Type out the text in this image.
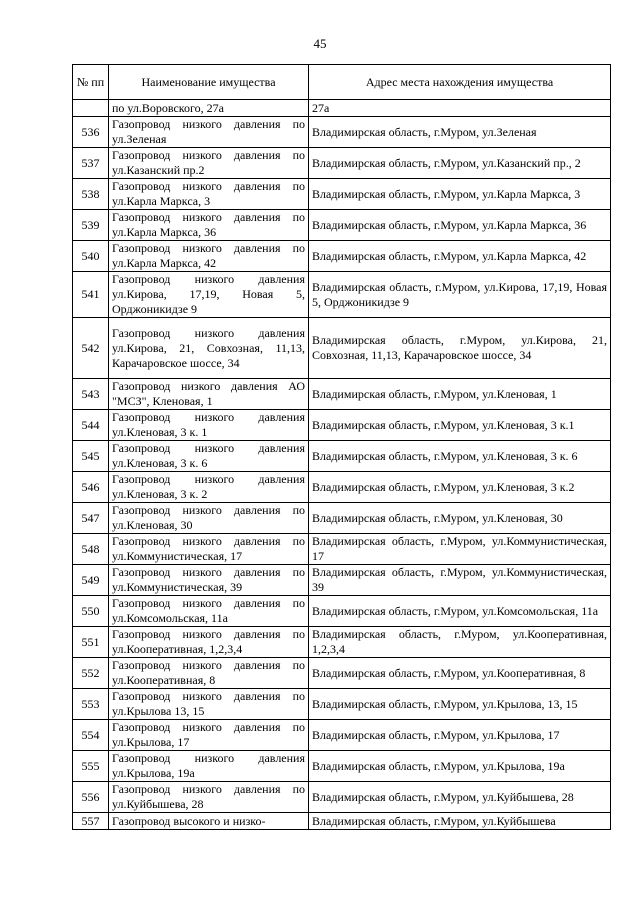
45
№ пп	Наименование имущества	Адрес места нахождения имущества
	по ул.Воровского, 27а	27а
536	Газопровод низкого давления по ул.Зеленая	Владимирская область, г.Муром, ул.Зеленая
537	Газопровод низкого давления по ул.Казанский пр.2	Владимирская область, г.Муром, ул.Казанский пр., 2
538	Газопровод низкого давления по ул.Карла Маркса, 3	Владимирская область, г.Муром, ул.Карла Маркса, 3
539	Газопровод низкого давления по ул.Карла Маркса, 36	Владимирская область, г.Муром, ул.Карла Маркса, 36
540	Газопровод низкого давления по ул.Карла Маркса, 42	Владимирская область, г.Муром, ул.Карла Маркса, 42
541	Газопровод низкого давления ул.Кирова, 17,19, Новая 5, Орджоникидзе 9	Владимирская область, г.Муром, ул.Кирова, 17,19, Новая 5, Орджоникидзе 9
542	Газопровод низкого давления ул.Кирова, 21, Совхозная, 11,13, Карачаровское шоссе, 34	Владимирская область, г.Муром, ул.Кирова, 21, Совхозная, 11,13, Карачаровское шоссе, 34
543	Газопровод низкого давления АО "МСЗ", Кленовая, 1	Владимирская область, г.Муром, ул.Кленовая, 1
544	Газопровод низкого давления ул.Кленовая, 3 к. 1	Владимирская область, г.Муром, ул.Кленовая, 3 к.1
545	Газопровод низкого давления ул.Кленовая, 3 к. 6	Владимирская область, г.Муром, ул.Кленовая, 3 к. 6
546	Газопровод низкого давления ул.Кленовая, 3 к. 2	Владимирская область, г.Муром, ул.Кленовая, 3 к.2
547	Газопровод низкого давления по ул.Кленовая, 30	Владимирская область, г.Муром, ул.Кленовая, 30
548	Газопровод низкого давления по ул.Коммунистическая, 17	Владимирская область, г.Муром, ул.Коммунистическая, 17
549	Газопровод низкого давления по ул.Коммунистическая, 39	Владимирская область, г.Муром, ул.Коммунистическая, 39
550	Газопровод низкого давления по ул.Комсомольская, 11а	Владимирская область, г.Муром, ул.Комсомольская, 11а
551	Газопровод низкого давления по ул.Кооперативная, 1,2,3,4	Владимирская область, г.Муром, ул.Кооперативная, 1,2,3,4
552	Газопровод низкого давления по ул.Кооперативная, 8	Владимирская область, г.Муром, ул.Кооперативная, 8
553	Газопровод низкого давления по ул.Крылова 13, 15	Владимирская область, г.Муром, ул.Крылова, 13, 15
554	Газопровод низкого давления по ул.Крылова, 17	Владимирская область, г.Муром, ул.Крылова, 17
555	Газопровод низкого давления ул.Крылова, 19а	Владимирская область, г.Муром, ул.Крылова, 19а
556	Газопровод низкого давления по ул.Куйбышева, 28	Владимирская область, г.Муром, ул.Куйбышева, 28
557	Газопровод высокого и низко-	Владимирская область, г.Муром, ул.Куйбышева
